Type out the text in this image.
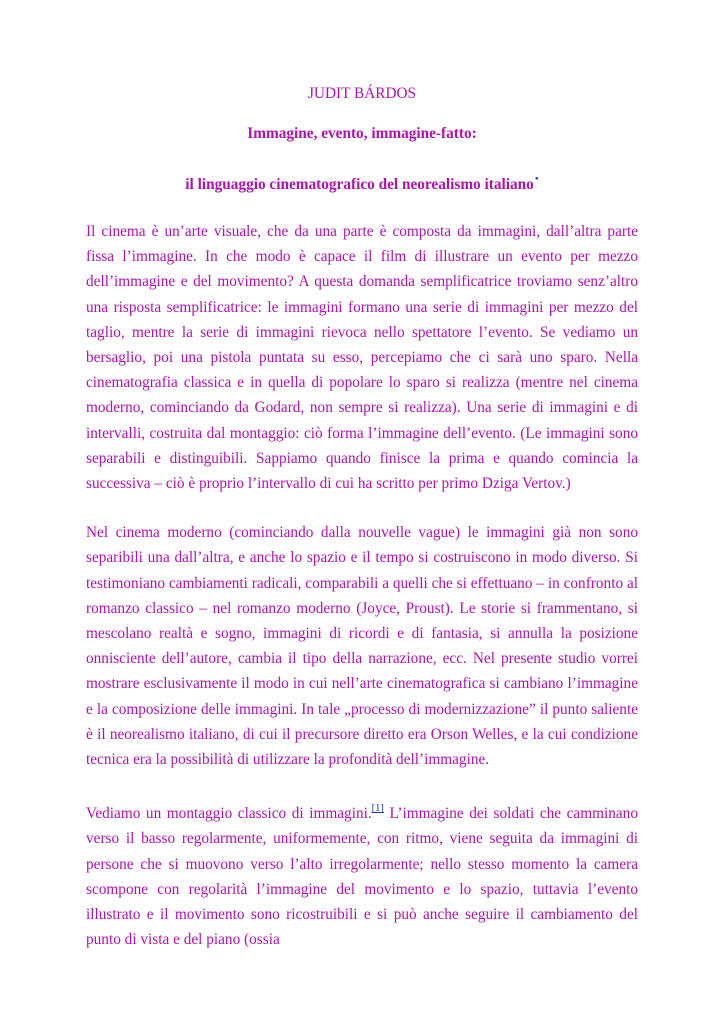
JUDIT BÁRDOS

Immagine, evento, immagine-fatto:

il linguaggio cinematografico del neorealismo italiano•

Il cinema è un’arte visuale, che da una parte è composta da immagini, dall’altra parte fissa l’immagine. In che modo è capace il film di illustrare un evento per mezzo dell’immagine e del movimento? A questa domanda semplificatrice troviamo senz’altro una risposta semplificatrice: le immagini formano una serie di immagini per mezzo del taglio, mentre la serie di immagini rievoca nello spettatore l’evento. Se vediamo un bersaglio, poi una pistola puntata su esso, percepiamo che ci sarà uno sparo. Nella cinematografia classica e in quella di popolare lo sparo si realizza (mentre nel cinema moderno, cominciando da Godard, non sempre si realizza). Una serie di immagini e di intervalli, costruita dal montaggio: ciò forma l’immagine dell’evento. (Le immagini sono separabili e distinguibili. Sappiamo quando finisce la prima e quando comincia la successiva – ciò è proprio l’intervallo di cui ha scritto per primo Dziga Vertov.)

Nel cinema moderno (cominciando dalla nouvelle vague) le immagini già non sono separibili una dall’altra, e anche lo spazio e il tempo si costruiscono in modo diverso. Si testimoniano cambiamenti radicali, comparabili a quelli che si effettuano – in confronto al romanzo classico – nel romanzo moderno (Joyce, Proust). Le storie si frammentano, si mescolano realtà e sogno, immagini di ricordi e di fantasia, si annulla la posizione onnisciente dell’autore, cambia il tipo della narrazione, ecc. Nel presente studio vorrei mostrare esclusivamente il modo in cui nell’arte cinematografica si cambiano l’immagine e la composizione delle immagini. In tale „processo di modernizzazione” il punto saliente è il neorealismo italiano, di cui il precursore diretto era Orson Welles, e la cui condizione tecnica era la possibilità di utilizzare la profondità dell’immagine.

Vediamo un montaggio classico di immagini.[1] L’immagine dei soldati che camminano verso il basso regolarmente, uniformemente, con ritmo, viene seguita da immagini di persone che si muovono verso l’alto irregolarmente; nello stesso momento la camera scompone con regolarità l’immagine del movimento e lo spazio, tuttavia l’evento illustrato e il movimento sono ricostruibili e si può anche seguire il cambiamento del punto di vista e del piano (ossia
